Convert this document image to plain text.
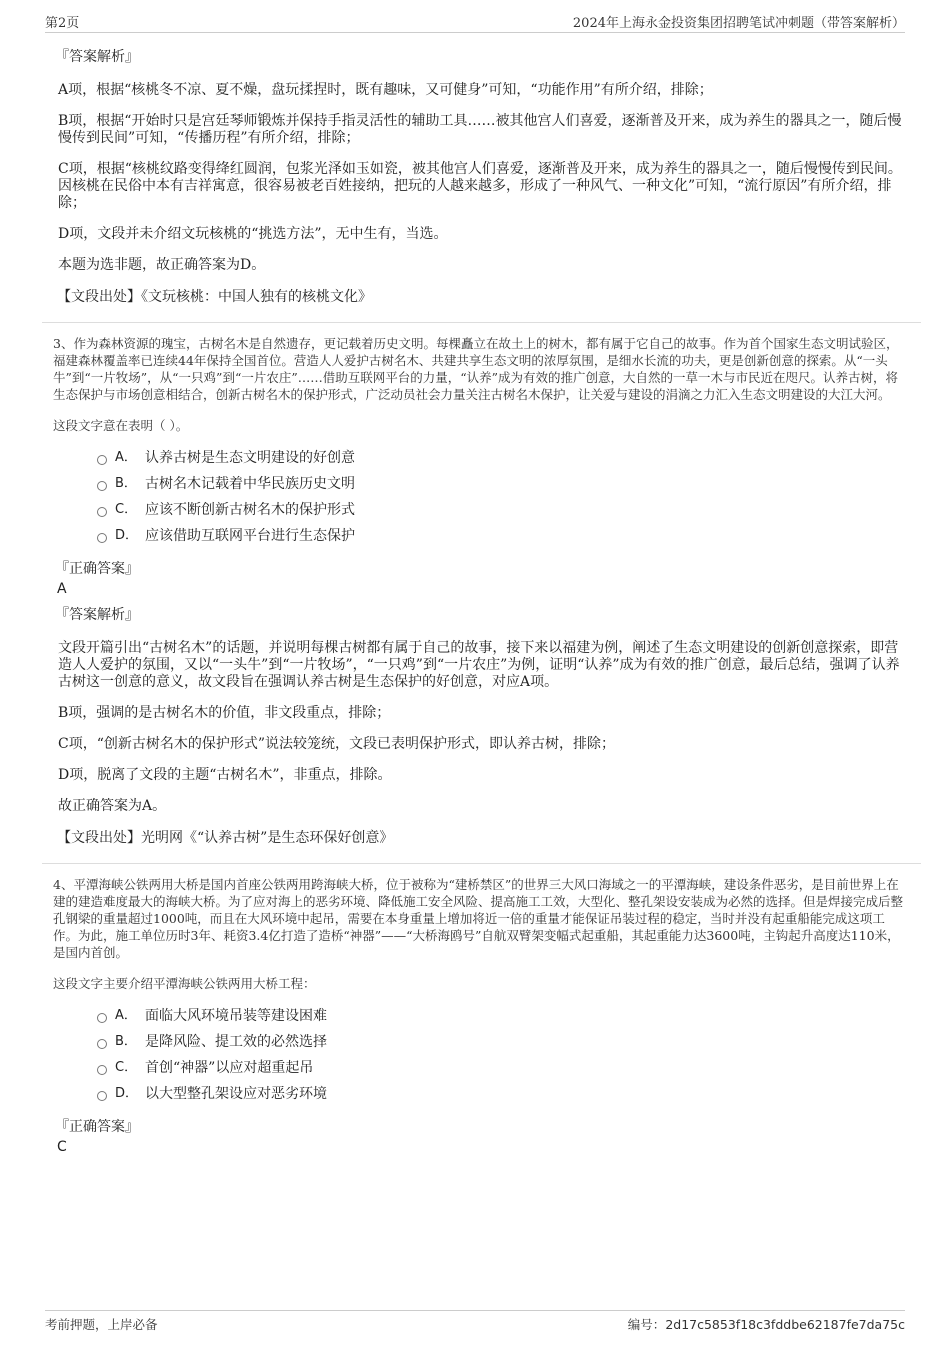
第2页	2024年上海永金投资集团招聘笔试冲刺题（带答案解析）
『答案解析』

A项，根据“核桃冬不凉、夏不燥，盘玩揉捏时，既有趣味，又可健身”可知，“功能作用”有所介绍，排除；

B项，根据“开始时只是宫廷琴师锻炼并保持手指灵活性的辅助工具……被其他宫人们喜爱，逐渐普及开来，成为养生的器具之一，随后慢慢传到民间”可知，“传播历程”有所介绍，排除；

C项，根据“核桃纹路变得绛红圆润，包浆光泽如玉如瓷，被其他宫人们喜爱，逐渐普及开来，成为养生的器具之一，随后慢慢传到民间。因核桃在民俗中本有吉祥寓意，很容易被老百姓接纳，把玩的人越来越多，形成了一种风气、一种文化”可知，“流行原因”有所介绍，排除；

D项，文段并未介绍文玩核桃的“挑选方法”，无中生有，当选。

本题为选非题，故正确答案为D。

【文段出处】《文玩核桃：中国人独有的核桃文化》

3、作为森林资源的瑰宝，古树名木是自然遗存，更记载着历史文明。每棵矗立在故土上的树木，都有属于它自己的故事。作为首个国家生态文明试验区，福建森林覆盖率已连续44年保持全国首位。营造人人爱护古树名木、共建共享生态文明的浓厚氛围，是细水长流的功夫，更是创新创意的探索。从“一头牛”到“一片牧场”，从“一只鸡”到“一片农庄”……借助互联网平台的力量，“认养”成为有效的推广创意，大自然的一草一木与市民近在咫尺。认养古树，将生态保护与市场创意相结合，创新古树名木的保护形式，广泛动员社会力量关注古树名木保护，让关爱与建设的涓滴之力汇入生态文明建设的大江大河。

这段文字意在表明（ ）。

A． 认养古树是生态文明建设的好创意
B． 古树名木记载着中华民族历史文明
C． 应该不断创新古树名木的保护形式
D． 应该借助互联网平台进行生态保护
『正确答案』
A
『答案解析』

文段开篇引出“古树名木”的话题，并说明每棵古树都有属于自己的故事，接下来以福建为例，阐述了生态文明建设的创新创意探索，即营造人人爱护的氛围，又以“一头牛”到“一片牧场”，“一只鸡”到“一片农庄”为例，证明“认养”成为有效的推广创意，最后总结，强调了认养古树这一创意的意义，故文段旨在强调认养古树是生态保护的好创意，对应A项。

B项，强调的是古树名木的价值，非文段重点，排除；

C项，“创新古树名木的保护形式”说法较笼统，文段已表明保护形式，即认养古树，排除；

D项，脱离了文段的主题“古树名木”，非重点，排除。

故正确答案为A。

【文段出处】光明网《“认养古树”是生态环保好创意》

4、平潭海峡公铁两用大桥是国内首座公铁两用跨海峡大桥，位于被称为“建桥禁区”的世界三大风口海域之一的平潭海峡，建设条件恶劣，是目前世界上在建的建造难度最大的海峡大桥。为了应对海上的恶劣环境、降低施工安全风险、提高施工工效，大型化、整孔架设安装成为必然的选择。但是焊接完成后整孔钢梁的重量超过1000吨，而且在大风环境中起吊，需要在本身重量上增加将近一倍的重量才能保证吊装过程的稳定，当时并没有起重船能完成这项工作。为此，施工单位历时3年、耗资3.4亿打造了造桥“神器”——“大桥海鸥号”自航双臂架变幅式起重船，其起重能力达3600吨，主钩起升高度达110米，是国内首创。

这段文字主要介绍平潭海峡公铁两用大桥工程：

A． 面临大风环境吊装等建设困难
B． 是降风险、提工效的必然选择
C． 首创“神器”以应对超重起吊
D． 以大型整孔架设应对恶劣环境
『正确答案』
C
考前押题，上岸必备	编号：2d17c5853f18c3fddbe62187fe7da75c
